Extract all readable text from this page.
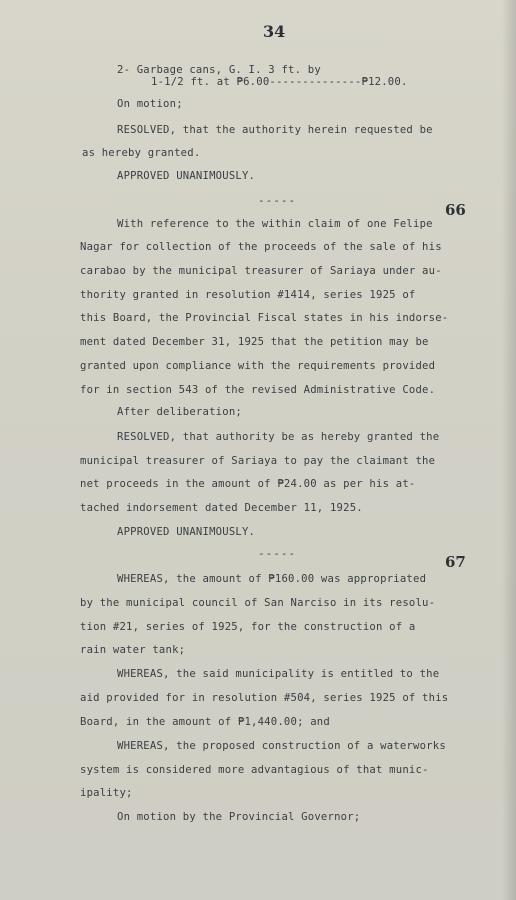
34
2- Garbage cans, G. I. 3 ft. by
1-1/2 ft. at ₱6.00--------------₱12.00.
On motion;
RESOLVED, that the authority herein requested be
as hereby granted.
APPROVED UNANIMOUSLY.
-----
66
With reference to the within claim of one Felipe
Nagar for collection of the proceeds of the sale of his
carabao by the municipal treasurer of Sariaya under au-
thority granted in resolution #1414, series 1925 of
this Board, the Provincial Fiscal states in his indorse-
ment dated December 31, 1925 that the petition may be
granted upon compliance with the requirements provided
for in section 543 of the revised Administrative Code.
After deliberation;
RESOLVED, that authority be as hereby granted the
municipal treasurer of Sariaya to pay the claimant the
net proceeds in the amount of ₱24.00 as per his at-
tached indorsement dated December 11, 1925.
APPROVED UNANIMOUSLY.
-----	67
WHEREAS, the amount of ₱160.00 was appropriated
by the municipal council of San Narciso in its resolu-
tion #21, series of 1925, for the construction of a
rain water tank;
WHEREAS, the said municipality is entitled to the
aid provided for in resolution #504, series 1925 of this
Board, in the amount of ₱1,440.00; and
WHEREAS, the proposed construction of a waterworks
system is considered more advantagious of that munic-
ipality;
On motion by the Provincial Governor;
